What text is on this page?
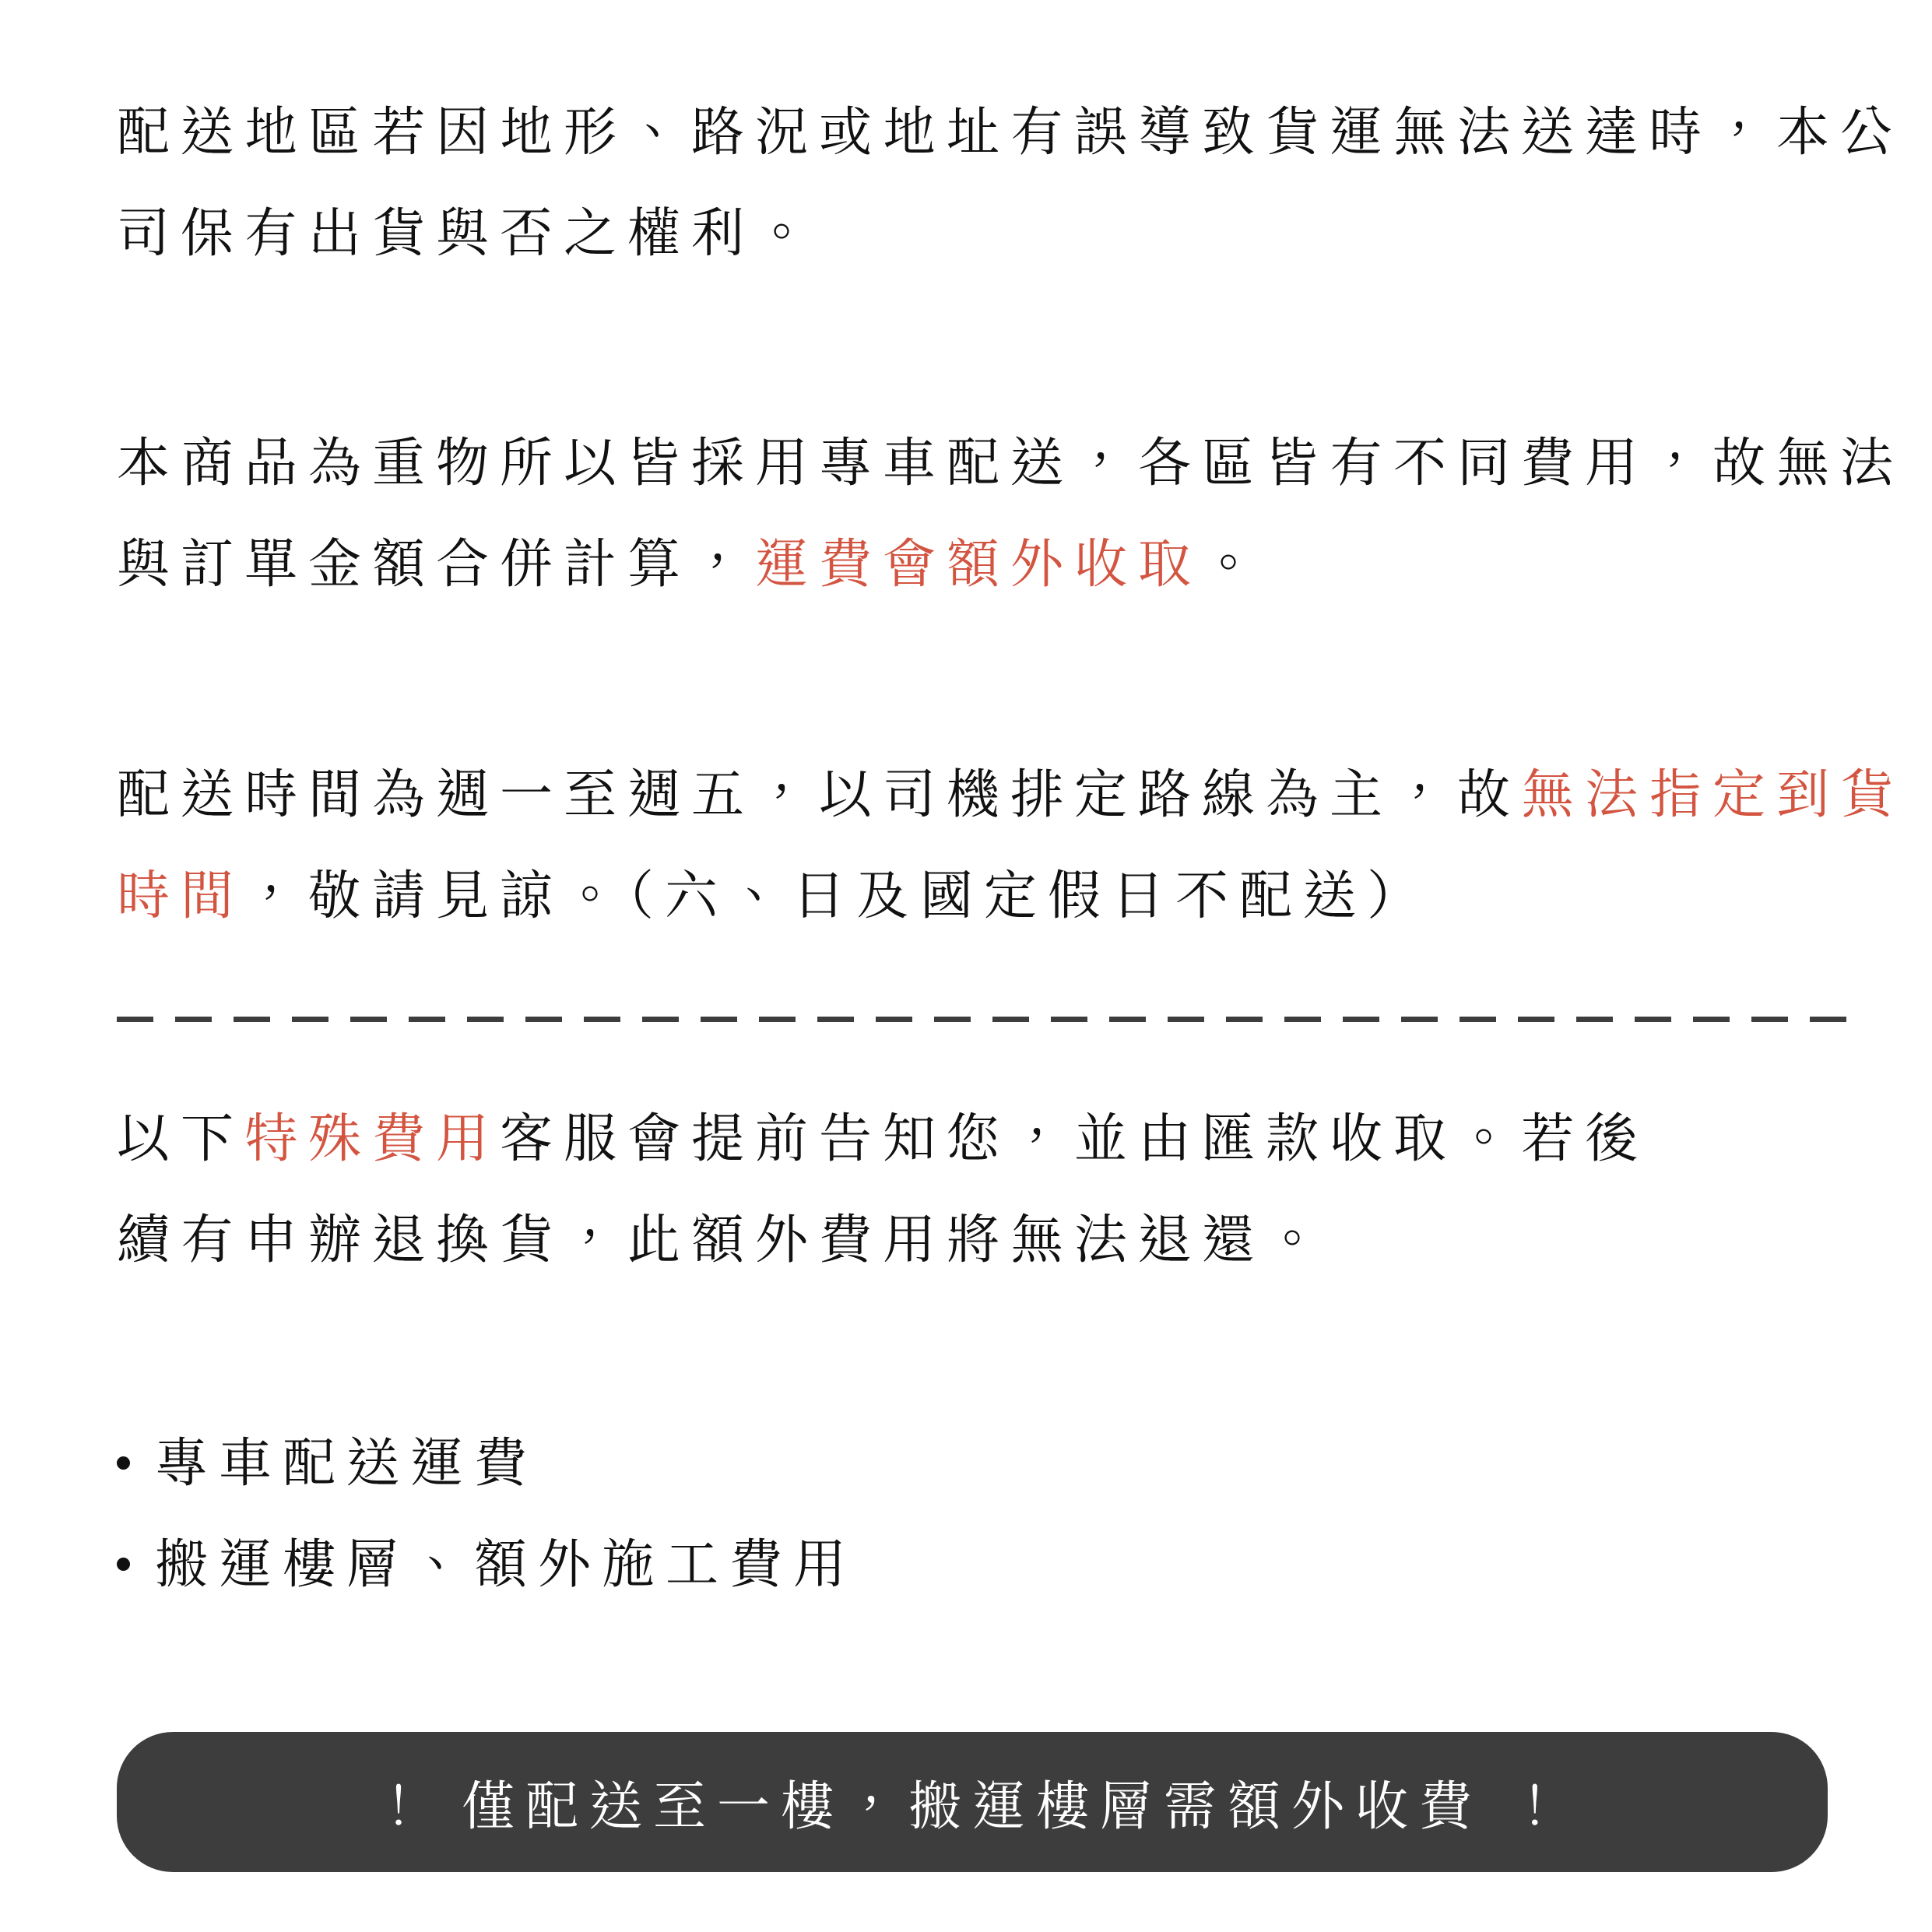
配送地區若因地形、路況或地址有誤導致貨運無法送達時，本公
司保有出貨與否之權利。
本商品為重物所以皆採用專車配送，各區皆有不同費用，故無法
與訂單金額合併計算，運費會額外收取。
配送時間為週一至週五，以司機排定路線為主，故無法指定到貨
時間，敬請見諒。（六、日及國定假日不配送）
以下特殊費用客服會提前告知您，並由匯款收取。若後
續有申辦退換貨，此額外費用將無法退還。
專車配送運費
搬運樓層、額外施工費用
！ 僅配送至一樓，搬運樓層需額外收費 ！
